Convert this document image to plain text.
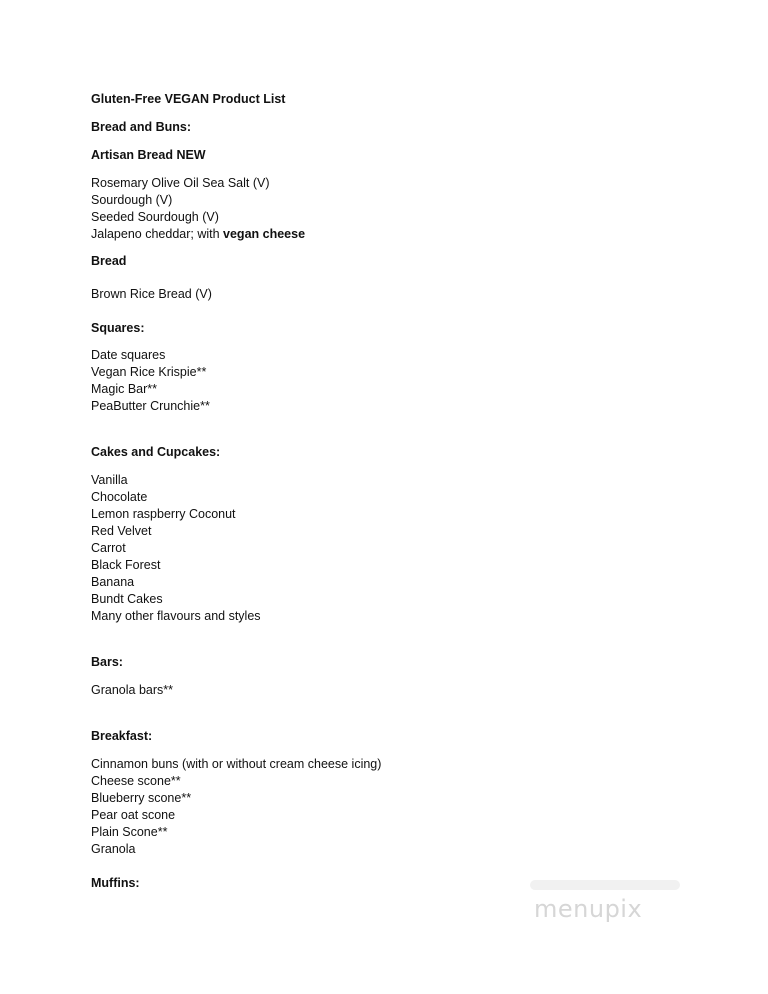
Gluten-Free VEGAN Product List

Bread and Buns:

Artisan Bread NEW

Rosemary Olive Oil Sea Salt (V)
Sourdough (V)
Seeded Sourdough (V)
Jalapeno cheddar; with vegan cheese

Bread

Brown Rice Bread (V)

Squares:

Date squares
Vegan Rice Krispie**
Magic Bar**
PeaButter Crunchie**

Cakes and Cupcakes:

Vanilla
Chocolate
Lemon raspberry Coconut
Red Velvet
Carrot
Black Forest
Banana
Bundt Cakes
Many other flavours and styles

Bars:

Granola bars**

Breakfast:

Cinnamon buns (with or without cream cheese icing)
Cheese scone**
Blueberry scone**
Pear oat scone
Plain Scone**
Granola

Muffins:

menupix
